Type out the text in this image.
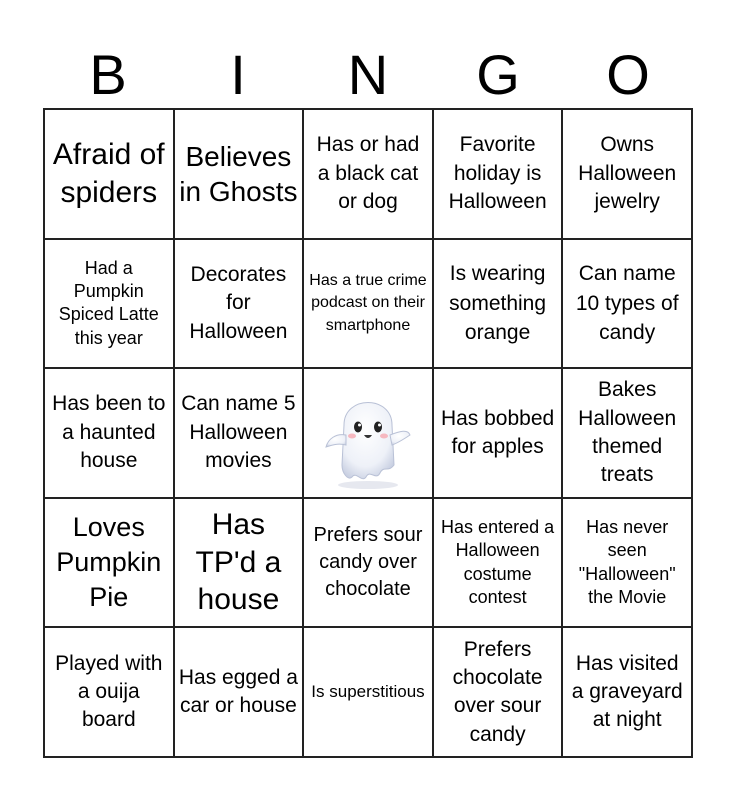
B	I	N	G	O
Afraid of spiders
Believes in Ghosts
Has or had a black cat or dog
Favorite holiday is Halloween
Owns Halloween jewelry
Had a Pumpkin Spiced Latte this year
Decorates for Halloween
Has a true crime podcast on their smartphone
Is wearing something orange
Can name 10 types of candy
Has been to a haunted house
Can name 5 Halloween movies
Has bobbed for apples
Bakes Halloween themed treats
Loves Pumpkin Pie
Has TP'd a house
Prefers sour candy over chocolate
Has entered a Halloween costume contest
Has never seen "Halloween" the Movie
Played with a ouija board
Has egged a car or house
Is superstitious
Prefers chocolate over sour candy
Has visited a graveyard at night
